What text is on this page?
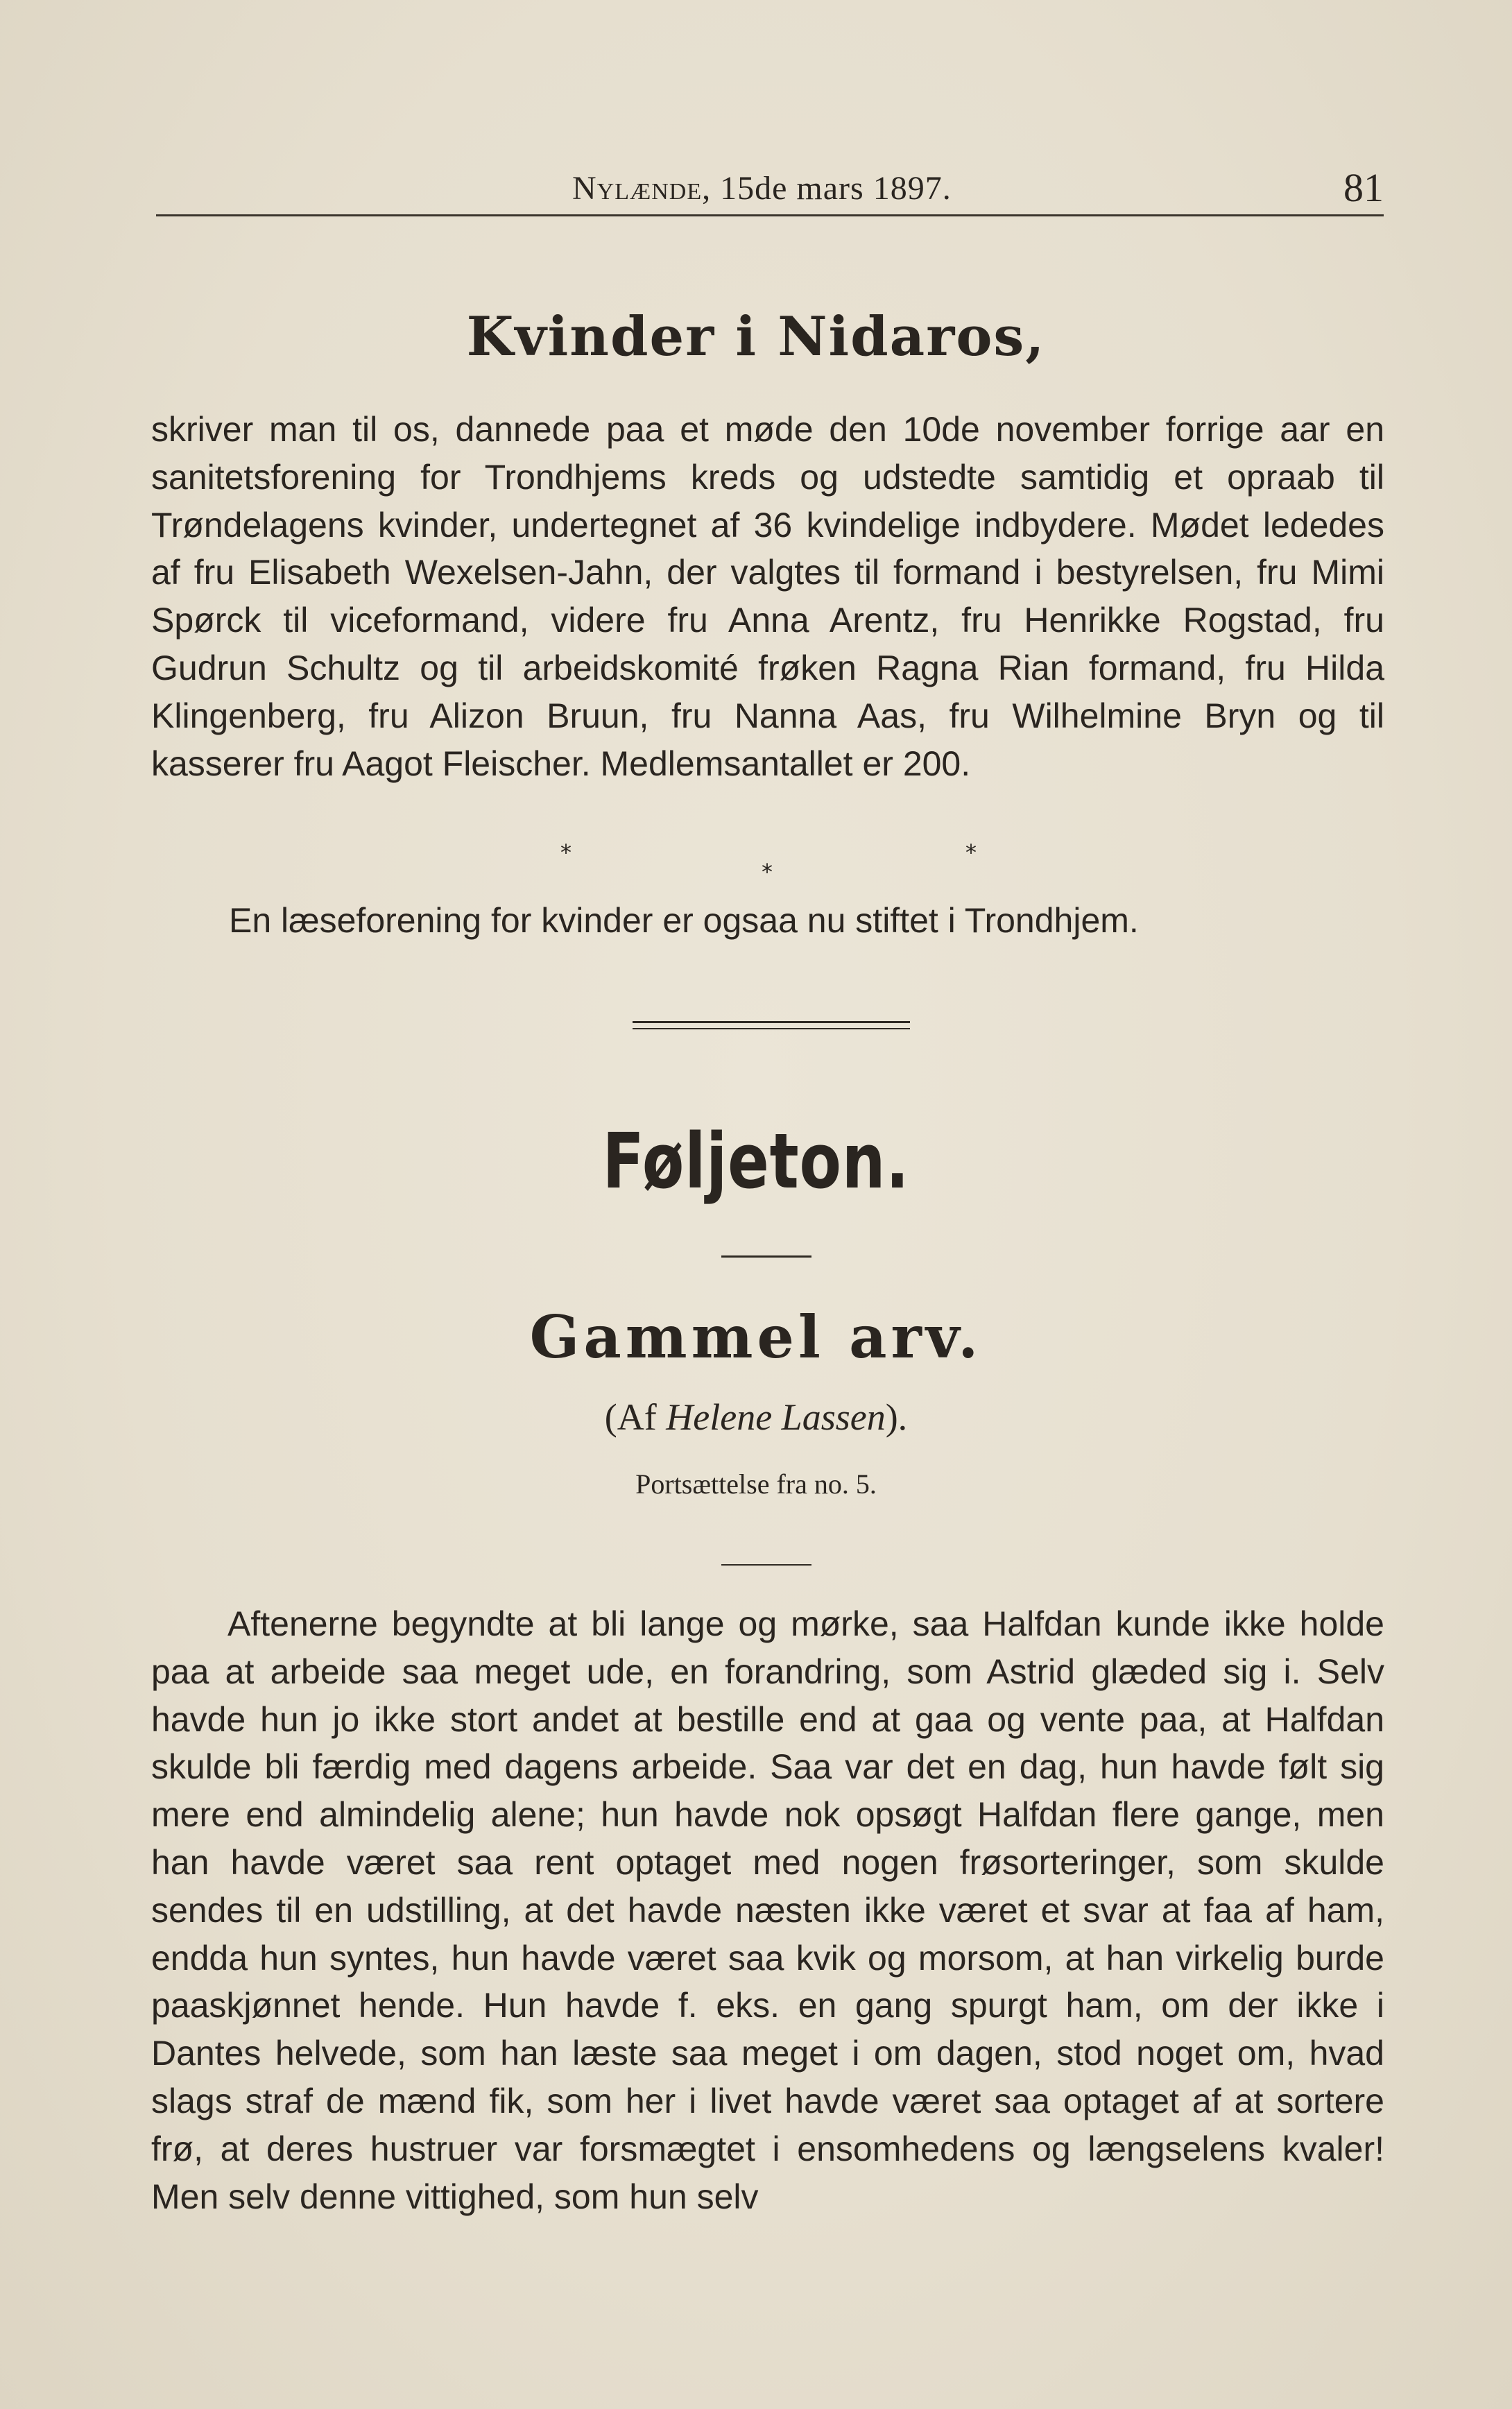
Nylænde, 15de mars 1897.	81
Kvinder i Nidaros,

skriver man til os, dannede paa et møde den 10de november forrige aar en sanitetsforening for Trondhjems kreds og udstedte samtidig et opraab til Trøndelagens kvinder, undertegnet af 36 kvindelige indbydere. Mødet lededes af fru Elisabeth Wexelsen-Jahn, der valgtes til formand i bestyrelsen, fru Mimi Spørck til viceformand, videre fru Anna Arentz, fru Henrikke Rogstad, fru Gudrun Schultz og til arbeidskomité frøken Ragna Rian formand, fru Hilda Klingenberg, fru Alizon Bruun, fru Nanna Aas, fru Wilhelmine Bryn og til kasserer fru Aagot Fleischer. Medlemsantallet er 200.

*
*
*
En læseforening for kvinder er ogsaa nu stiftet i Trondhjem.
Føljeton.
Gammel arv.
(Af Helene Lassen).
Portsættelse fra no. 5.

Aftenerne begyndte at bli lange og mørke, saa Halfdan kunde ikke holde paa at arbeide saa meget ude, en forandring, som Astrid glæded sig i. Selv havde hun jo ikke stort andet at bestille end at gaa og vente paa, at Halfdan skulde bli færdig med dagens arbeide. Saa var det en dag, hun havde følt sig mere end almindelig alene; hun havde nok opsøgt Halfdan flere gange, men han havde været saa rent optaget med nogen frøsorteringer, som skulde sendes til en udstilling, at det havde næsten ikke været et svar at faa af ham, endda hun syntes, hun havde været saa kvik og morsom, at han virkelig burde paaskjønnet hende. Hun havde f. eks. en gang spurgt ham, om der ikke i Dantes helvede, som han læste saa meget i om dagen, stod noget om, hvad slags straf de mænd fik, som her i livet havde været saa optaget af at sortere frø, at deres hustruer var forsmægtet i ensomhedens og længselens kvaler! Men selv denne vittighed, som hun selv
